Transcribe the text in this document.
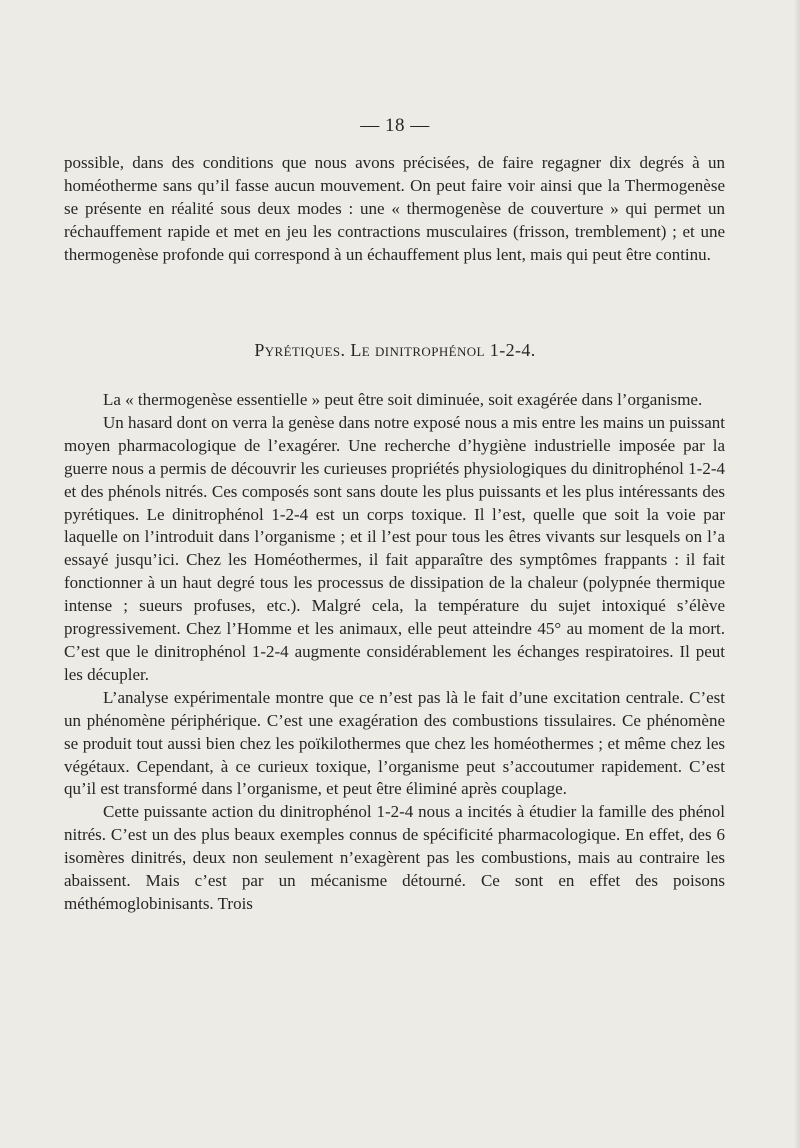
— 18 —

possible, dans des conditions que nous avons précisées, de faire regagner dix degrés à un homéotherme sans qu’il fasse aucun mouvement. On peut faire voir ainsi que la Thermogenèse se présente en réalité sous deux modes : une « thermogenèse de couverture » qui permet un réchauffement rapide et met en jeu les contractions musculaires (frisson, tremblement) ; et une thermogenèse profonde qui correspond à un échauffement plus lent, mais qui peut être continu.

Pyrétiques. Le dinitrophénol 1-2-4.

La « thermogenèse essentielle » peut être soit diminuée, soit exagérée dans l’organisme.

Un hasard dont on verra la genèse dans notre exposé nous a mis entre les mains un puissant moyen pharmacologique de l’exagérer. Une recherche d’hygiène industrielle imposée par la guerre nous a permis de découvrir les curieuses propriétés physiologiques du dinitrophénol 1-2-4 et des phénols nitrés. Ces composés sont sans doute les plus puissants et les plus intéressants des pyrétiques. Le dinitrophénol 1-2-4 est un corps toxique. Il l’est, quelle que soit la voie par laquelle on l’introduit dans l’organisme ; et il l’est pour tous les êtres vivants sur lesquels on l’a essayé jusqu’ici. Chez les Homéothermes, il fait apparaître des symptômes frappants : il fait fonctionner à un haut degré tous les processus de dissipation de la chaleur (polypnée thermique intense ; sueurs profuses, etc.). Malgré cela, la température du sujet intoxiqué s’élève progressivement. Chez l’Homme et les animaux, elle peut atteindre 45° au moment de la mort. C’est que le dinitrophénol 1-2-4 augmente considérablement les échanges respiratoires. Il peut les décupler.

L’analyse expérimentale montre que ce n’est pas là le fait d’une excitation centrale. C’est un phénomène périphérique. C’est une exagération des combustions tissulaires. Ce phénomène se produit tout aussi bien chez les poïkilothermes que chez les homéothermes ; et même chez les végétaux. Cependant, à ce curieux toxique, l’organisme peut s’accoutumer rapidement. C’est qu’il est transformé dans l’organisme, et peut être éliminé après couplage.

Cette puissante action du dinitrophénol 1-2-4 nous a incités à étudier la famille des phénol nitrés. C’est un des plus beaux exemples connus de spécificité pharmacologique. En effet, des 6 isomères dinitrés, deux non seulement n’exagèrent pas les combustions, mais au contraire les abaissent. Mais c’est par un mécanisme détourné. Ce sont en effet des poisons méthémoglobinisants. Trois
